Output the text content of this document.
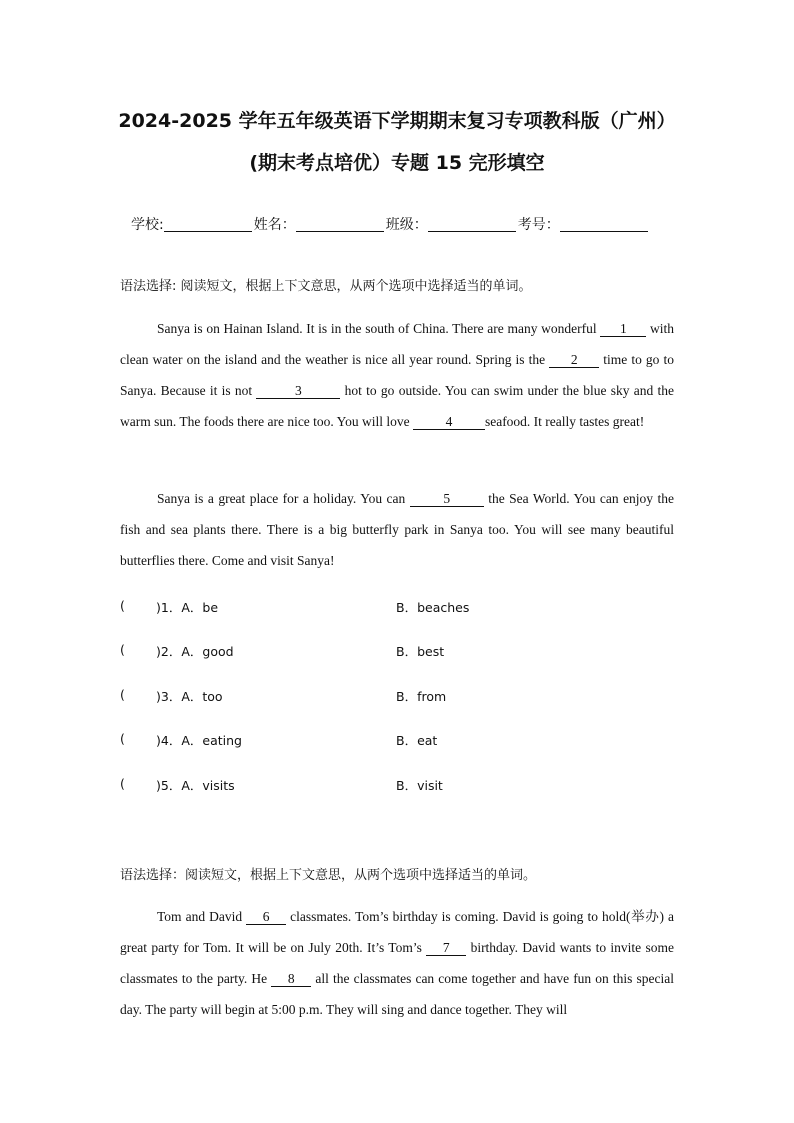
2024-2025 学年五年级英语下学期期末复习专项教科版（广州）
(期末考点培优）专题 15 完形填空
学校:	姓名：	班级：	考号：
语法选择: 阅读短文，根据上下文意思，从两个选项中选择适当的单词。
Sanya is on Hainan Island. It is in the south of China. There are many wonderful 1 with clean water on the island and the weather is nice all year round. Spring is the 2 time to go to Sanya. Because it is not	3	hot to go outside. You can swim under the blue sky and the warm sun. The foods there are nice too. You will love 4 seafood. It really tastes great!
Sanya is a great place for a holiday. You can 5 the Sea World. You can enjoy the fish and sea plants there. There is a big butterfly park in Sanya too. You will see many beautiful butterflies there. Come and visit Sanya!
( )1．A．be	B．beaches
( )2．A．good	B．best
( )3．A．too	B．from
( )4．A．eating	B．eat
( )5．A．visits	B．visit
语法选择：阅读短文，根据上下文意思，从两个选项中选择适当的单词。
Tom and David 6 classmates. Tom’s birthday is coming. David is going to hold(举办) a great party for Tom. It will be on July 20th. It’s Tom’s 7 birthday. David wants to invite some classmates to the party. He 8 all the classmates can come together and have fun on this special day. The party will begin at 5:00 p.m. They will sing and dance together. They will
